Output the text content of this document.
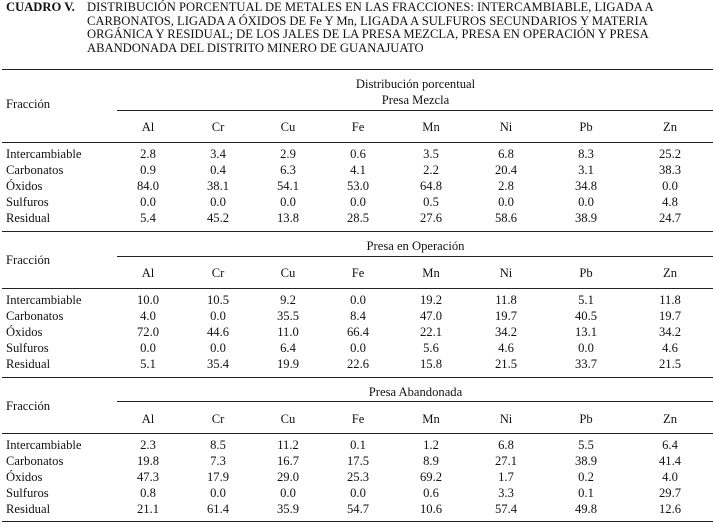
CUADRO V. DISTRIBUCIÓN PORCENTUAL DE METALES EN LAS FRACCIONES: INTERCAMBIABLE, LIGADA A
CARBONATOS, LIGADA A ÓXIDOS DE Fe Y Mn, LIGADA A SULFUROS SECUNDARIOS Y MATERIA
ORGÁNICA Y RESIDUAL; DE LOS JALES DE LA PRESA MEZCLA, PRESA EN OPERACIÓN Y PRESA
ABANDONADA DEL DISTRITO MINERO DE GUANAJUATO
Distribución porcentual
Presa Mezcla
Fracción
Al	Cr	Cu	Fe	Mn	Ni	Pb	Zn
Intercambiable	2.8	3.4	2.9	0.6	3.5	6.8	8.3	25.2
Carbonatos	0.9	0.4	6.3	4.1	2.2	20.4	3.1	38.3
Óxidos	84.0	38.1	54.1	53.0	64.8	2.8	34.8	0.0
Sulfuros	0.0	0.0	0.0	0.0	0.5	0.0	0.0	4.8
Residual	5.4	45.2	13.8	28.5	27.6	58.6	38.9	24.7
Presa en Operación
Fracción
Al	Cr	Cu	Fe	Mn	Ni	Pb	Zn
Intercambiable	10.0	10.5	9.2	0.0	19.2	11.8	5.1	11.8
Carbonatos	4.0	0.0	35.5	8.4	47.0	19.7	40.5	19.7
Óxidos	72.0	44.6	11.0	66.4	22.1	34.2	13.1	34.2
Sulfuros	0.0	0.0	6.4	0.0	5.6	4.6	0.0	4.6
Residual	5.1	35.4	19.9	22.6	15.8	21.5	33.7	21.5
Presa Abandonada
Fracción
Al	Cr	Cu	Fe	Mn	Ni	Pb	Zn
Intercambiable	2.3	8.5	11.2	0.1	1.2	6.8	5.5	6.4
Carbonatos	19.8	7.3	16.7	17.5	8.9	27.1	38.9	41.4
Óxidos	47.3	17.9	29.0	25.3	69.2	1.7	0.2	4.0
Sulfuros	0.8	0.0	0.0	0.0	0.6	3.3	0.1	29.7
Residual	21.1	61.4	35.9	54.7	10.6	57.4	49.8	12.6
